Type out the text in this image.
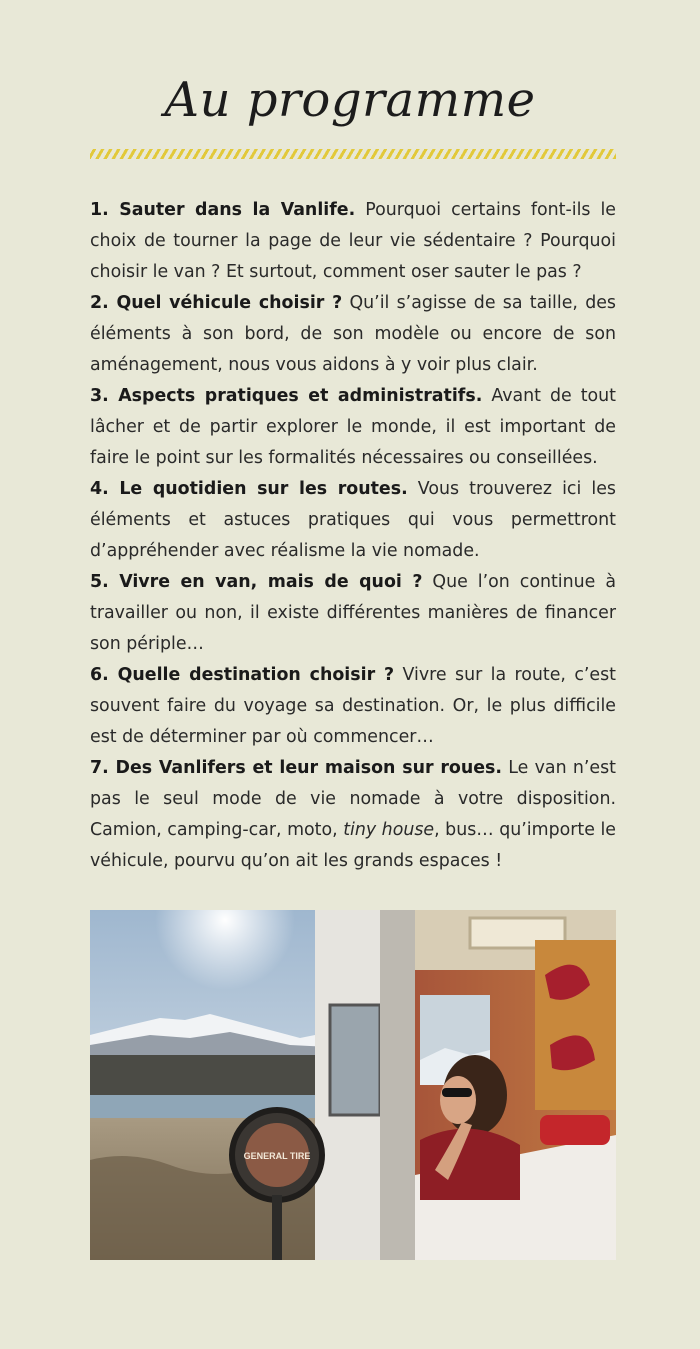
Au programme

1. Sauter dans la Vanlife. Pourquoi certains font-ils le choix de tourner la page de leur vie sédentaire ? Pourquoi choisir le van ? Et surtout, comment oser sauter le pas ?

2. Quel véhicule choisir ? Qu’il s’agisse de sa taille, des éléments à son bord, de son modèle ou encore de son aménagement, nous vous aidons à y voir plus clair.

3. Aspects pratiques et administratifs. Avant de tout lâcher et de partir explorer le monde, il est important de faire le point sur les formalités nécessaires ou conseillées.

4. Le quotidien sur les routes. Vous trouverez ici les éléments et astuces pratiques qui vous permettront d’appréhender avec réalisme la vie nomade.

5. Vivre en van, mais de quoi ? Que l’on continue à travailler ou non, il existe différentes manières de financer son périple…

6. Quelle destination choisir ? Vivre sur la route, c’est souvent faire du voyage sa destination. Or, le plus difficile est de déterminer par où commencer…

7. Des Vanlifers et leur maison sur roues. Le van n’est pas le seul mode de vie nomade à votre disposition. Camion, camping-car, moto, tiny house, bus… qu’importe le véhicule, pourvu qu’on ait les grands espaces !

GENERAL TIRE
